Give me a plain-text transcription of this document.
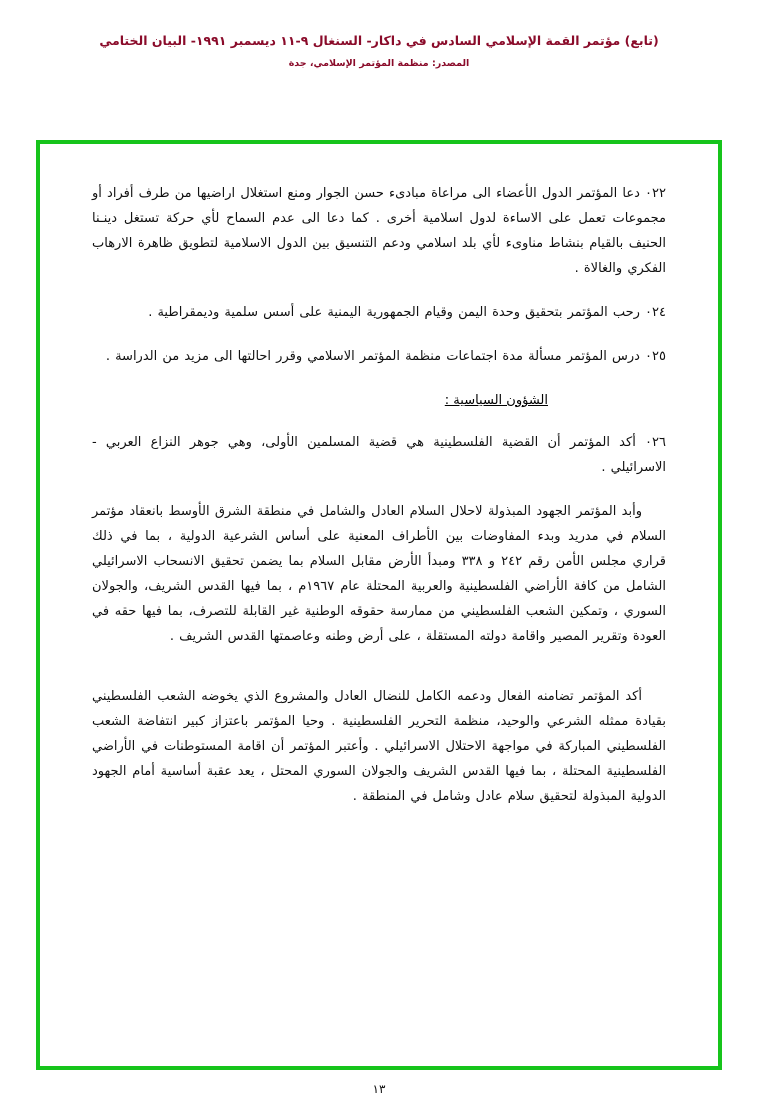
(تابع) مؤتمر القمة الإسلامي السادس في داكار- السنغال ٩-١١ ديسمبر ١٩٩١- البيان الختامي
المصدر: منظمة المؤتمر الإسلامي، جدة

٠٢٢ دعا المؤتمر الدول الأعضاء الى مراعاة مبادىء حسن الجوار ومنع استغلال اراضيها من طرف أفراد أو مجموعات تعمل على الاساءة لدول اسلامية أخرى . كما دعا الى عدم السماح لأي حركة تستغل دينـنا الحنيف بالقيام بنشاط مناوىء لأي بلد اسلامي ودعم التنسيق بين الدول الاسلامية لتطويق ظاهرة الارهاب الفكري والغالاة .

٠٢٤ رحب المؤتمر بتحقيق وحدة اليمن وقيام الجمهورية اليمنية على أسس سلمية وديمقراطية .

٠٢٥ درس المؤتمر مسألة مدة اجتماعات منظمة المؤتمر الاسلامي وقرر احالتها الى مزيد من الدراسة .

الشؤون السياسية :

٠٢٦ أكد المؤتمر أن القضية الفلسطينية هي قضية المسلمين الأولى، وهي جوهر النزاع العربي - الاسرائيلي .

وأبد المؤتمر الجهود المبذولة لاحلال السلام العادل والشامل في منطقة الشرق الأوسط بانعقاد مؤتمر السلام في مدريد وبدء المفاوضات بين الأطراف المعنية على أساس الشرعية الدولية ، بما في ذلك قراري مجلس الأمن رقم ٢٤٢ و ٣٣٨ ومبدأ الأرض مقابل السلام بما يضمن تحقيق الانسحاب الاسرائيلي الشامل من كافة الأراضي الفلسطينية والعربية المحتلة عام ١٩٦٧م ، بما فيها القدس الشريف، والجولان السوري ، وتمكين الشعب الفلسطيني من ممارسة حقوقه الوطنية غير القابلة للتصرف، بما فيها حقه في العودة وتقرير المصير واقامة دولته المستقلة ، على أرض وطنه وعاصمتها القدس الشريف .

أكد المؤتمر تضامنه الفعال ودعمه الكامل للنضال العادل والمشروع الذي يخوضه الشعب الفلسطيني بقيادة ممثله الشرعي والوحيد، منظمة التحرير الفلسطينية . وحيا المؤتمر باعتزاز كبير انتفاضة الشعب الفلسطيني المباركة في مواجهة الاحتلال الاسرائيلي . وأعتبر المؤتمر أن اقامة المستوطنات في الأراضي الفلسطينية المحتلة ، بما فيها القدس الشريف والجولان السوري المحتل ، يعد عقبة أساسية أمام الجهود الدولية المبذولة لتحقيق سلام عادل وشامل في المنطقة .

١٣
